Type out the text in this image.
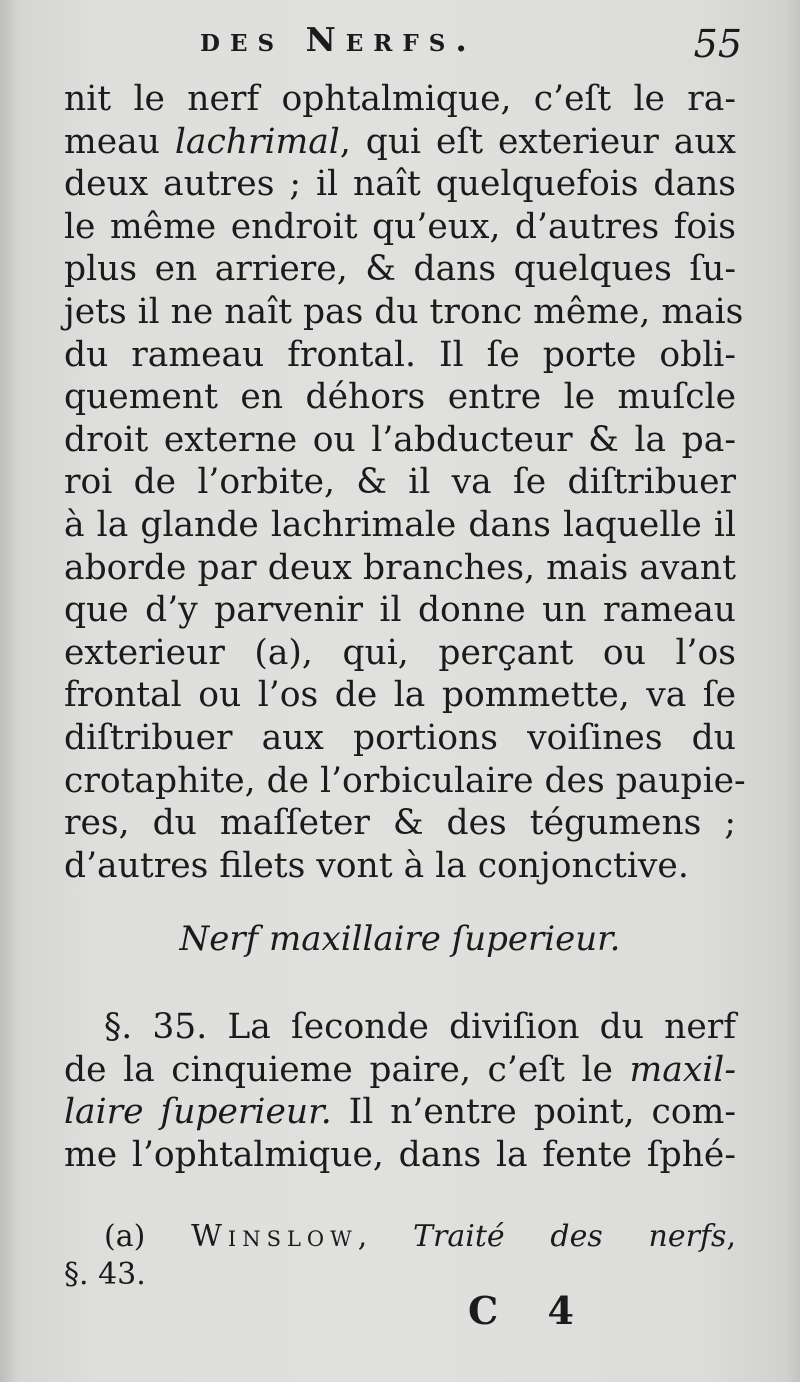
des Nerfs.	55
nit le nerf ophtalmique, c’eſt le ra-
meau lachrimal, qui eſt exterieur aux
deux autres ; il naît quelquefois dans
le même endroit qu’eux, d’autres fois
plus en arriere, & dans quelques ſu-
jets il ne naît pas du tronc même, mais
du rameau frontal. Il ſe porte obli-
quement en déhors entre le muſcle
droit externe ou l’abducteur & la pa-
roi de l’orbite, & il va ſe diſtribuer
à la glande lachrimale dans laquelle il
aborde par deux branches, mais avant
que d’y parvenir il donne un rameau
exterieur (a), qui, perçant ou l’os
frontal ou l’os de la pommette, va ſe
diſtribuer aux portions voiſines du
crotaphite, de l’orbiculaire des paupie-
res, du maſſeter & des tégumens ;
d’autres filets vont à la conjonctive.
Nerf maxillaire ſuperieur.
§. 35. La ſeconde diviſion du nerf
de la cinquieme paire, c’eſt le maxil-
laire ſuperieur. Il n’entre point, com-
me l’ophtalmique, dans la fente ſphé-
(a) Winslow, Traité des nerfs,
§. 43.
C 4
